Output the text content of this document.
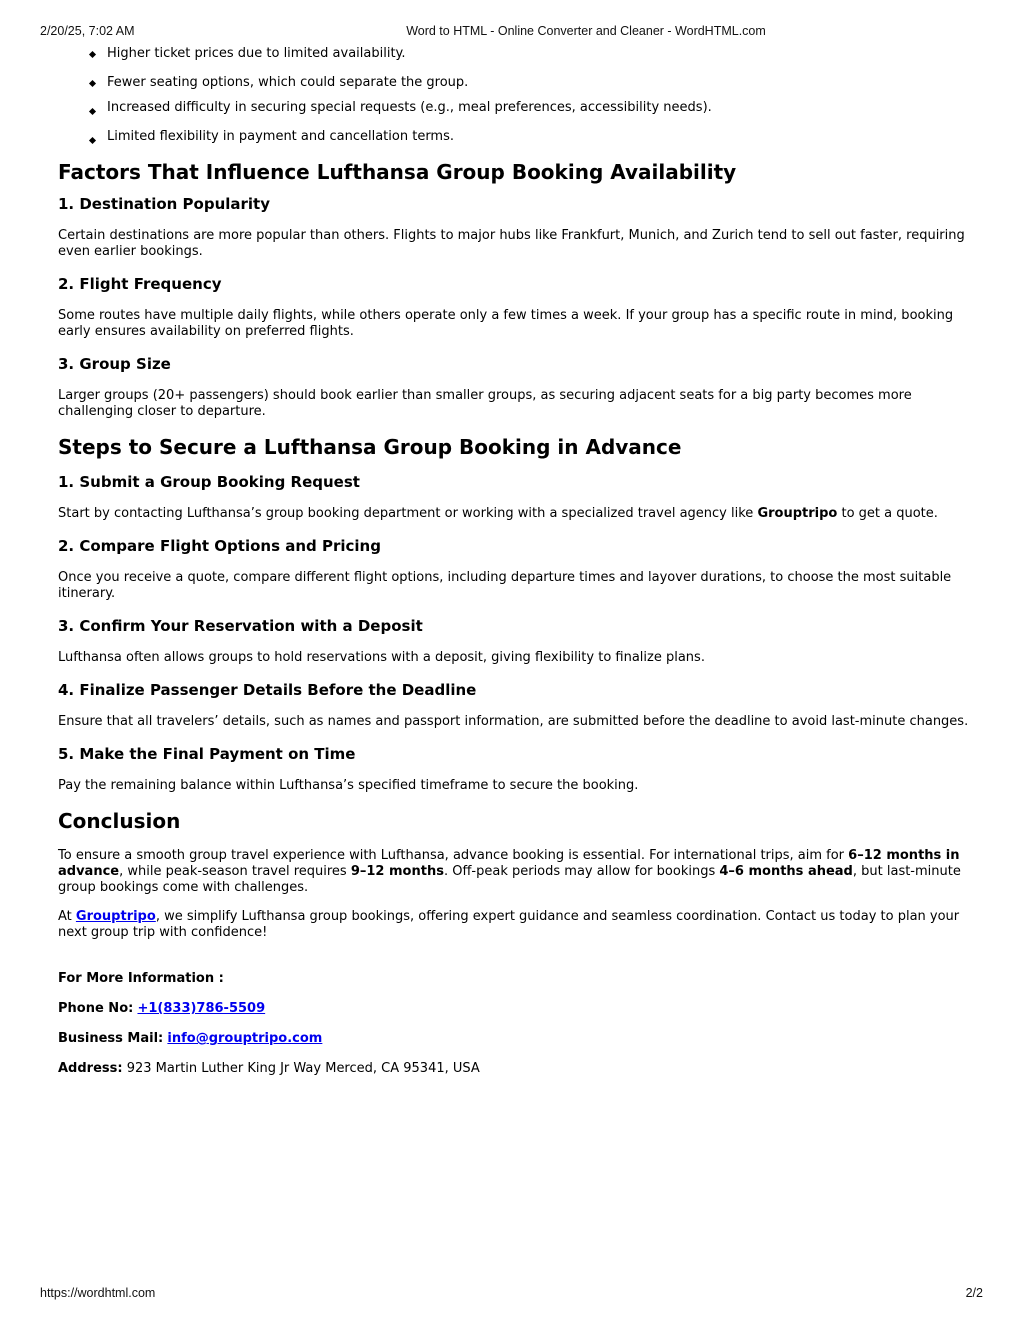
2/20/25, 7:02 AM	Word to HTML - Online Converter and Cleaner - WordHTML.com
Higher ticket prices due to limited availability.
Fewer seating options, which could separate the group.
Increased difficulty in securing special requests (e.g., meal preferences, accessibility needs).
Limited flexibility in payment and cancellation terms.
Factors That Influence Lufthansa Group Booking Availability
1. Destination Popularity

Certain destinations are more popular than others. Flights to major hubs like Frankfurt, Munich, and Zurich tend to sell out faster, requiring even earlier bookings.

2. Flight Frequency

Some routes have multiple daily flights, while others operate only a few times a week. If your group has a specific route in mind, booking early ensures availability on preferred flights.

3. Group Size

Larger groups (20+ passengers) should book earlier than smaller groups, as securing adjacent seats for a big party becomes more challenging closer to departure.

Steps to Secure a Lufthansa Group Booking in Advance
1. Submit a Group Booking Request

Start by contacting Lufthansa’s group booking department or working with a specialized travel agency like Grouptripo to get a quote.

2. Compare Flight Options and Pricing

Once you receive a quote, compare different flight options, including departure times and layover durations, to choose the most suitable itinerary.

3. Confirm Your Reservation with a Deposit

Lufthansa often allows groups to hold reservations with a deposit, giving flexibility to finalize plans.

4. Finalize Passenger Details Before the Deadline

Ensure that all travelers’ details, such as names and passport information, are submitted before the deadline to avoid last-minute changes.

5. Make the Final Payment on Time

Pay the remaining balance within Lufthansa’s specified timeframe to secure the booking.

Conclusion

To ensure a smooth group travel experience with Lufthansa, advance booking is essential. For international trips, aim for 6–12 months in advance, while peak-season travel requires 9–12 months. Off-peak periods may allow for bookings 4–6 months ahead, but last-minute group bookings come with challenges.

At Grouptripo, we simplify Lufthansa group bookings, offering expert guidance and seamless coordination. Contact us today to plan your next group trip with confidence!

For More Information :

Phone No: +1(833)786-5509

Business Mail: info@grouptripo.com

Address: 923 Martin Luther King Jr Way Merced, CA 95341, USA

https://wordhtml.com	2/2
